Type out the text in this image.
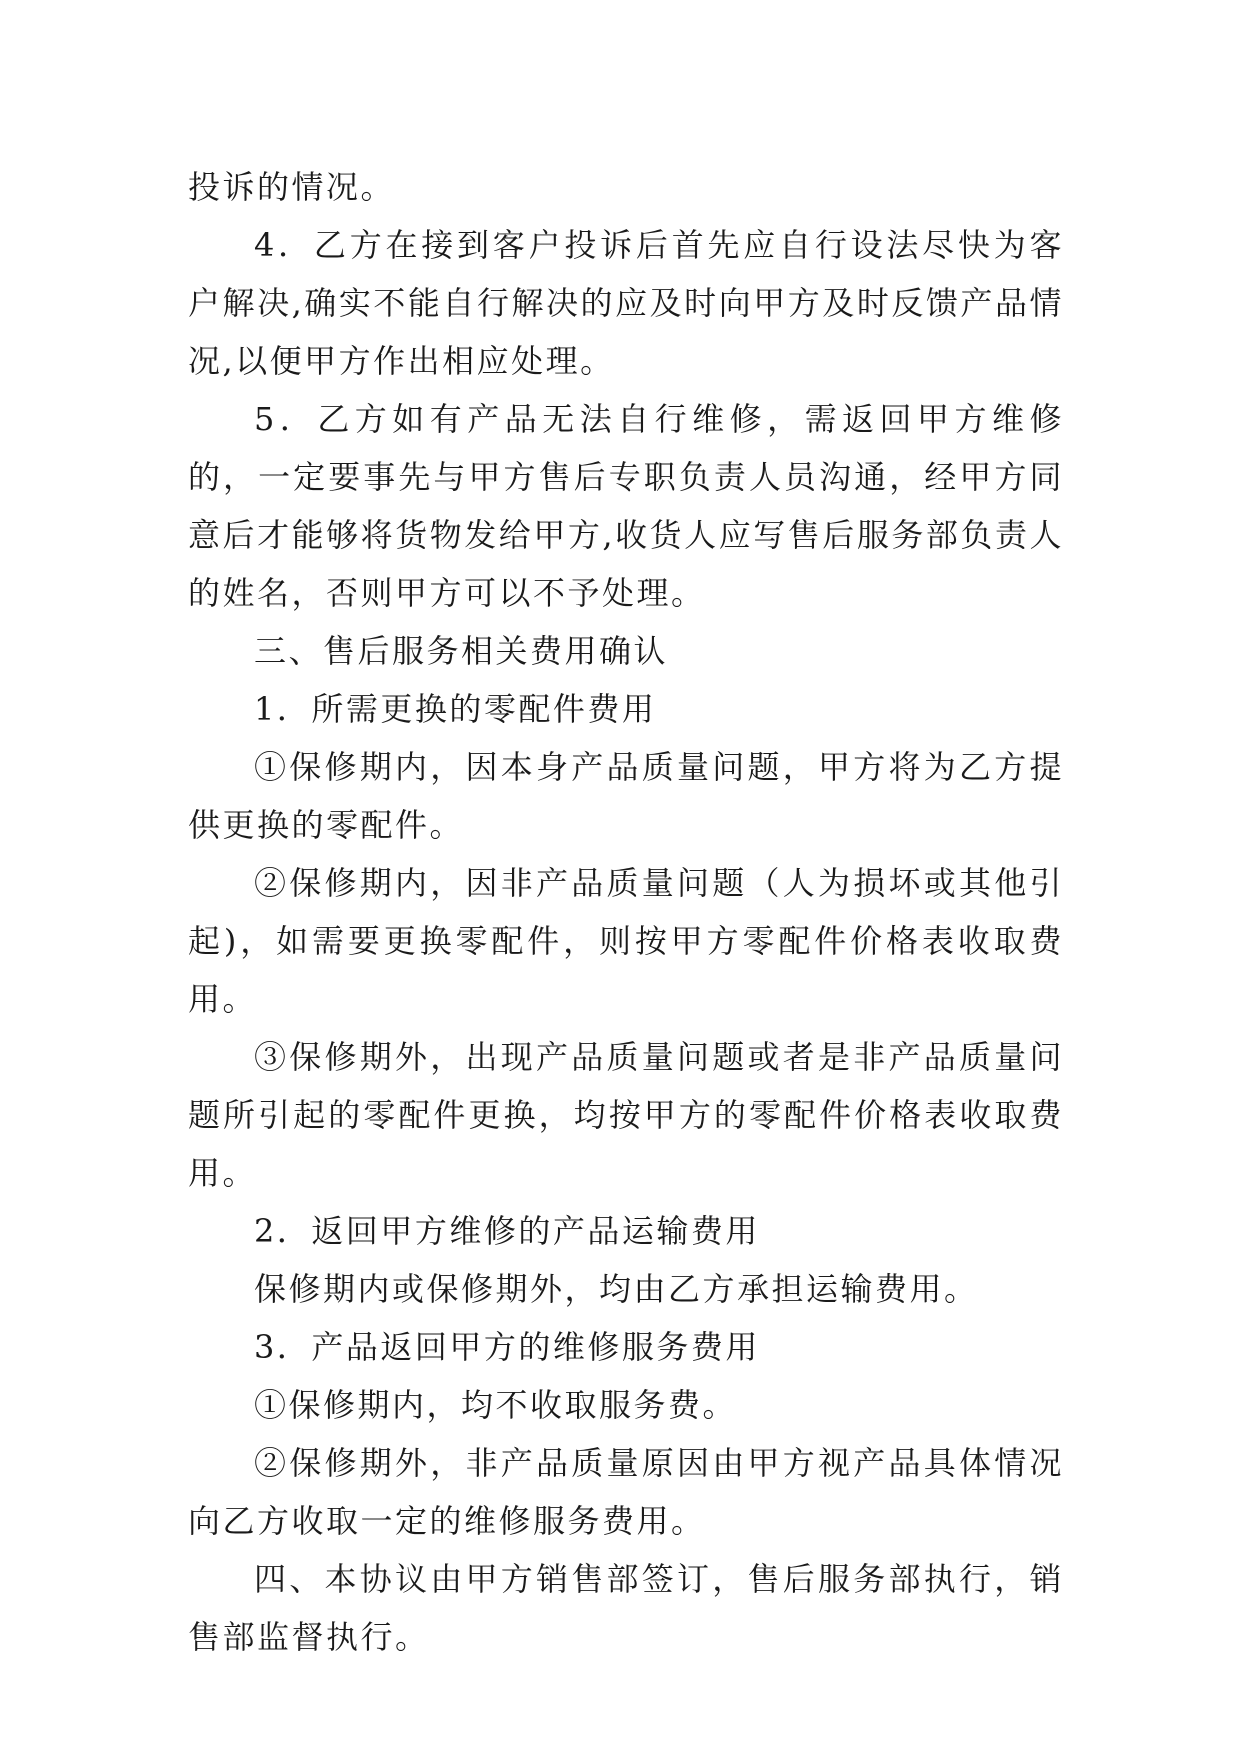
投诉的情况。

4．乙方在接到客户投诉后首先应自行设法尽快为客户解决,确实不能自行解决的应及时向甲方及时反馈产品情况,以便甲方作出相应处理。

5．乙方如有产品无法自行维修，需返回甲方维修的，一定要事先与甲方售后专职负责人员沟通，经甲方同意后才能够将货物发给甲方,收货人应写售后服务部负责人的姓名，否则甲方可以不予处理。

三、售后服务相关费用确认

1．所需更换的零配件费用

①保修期内，因本身产品质量问题，甲方将为乙方提供更换的零配件。

②保修期内，因非产品质量问题（人为损坏或其他引起)，如需要更换零配件，则按甲方零配件价格表收取费用。

③保修期外，出现产品质量问题或者是非产品质量问题所引起的零配件更换，均按甲方的零配件价格表收取费用。

2．返回甲方维修的产品运输费用

保修期内或保修期外，均由乙方承担运输费用。

3．产品返回甲方的维修服务费用

①保修期内，均不收取服务费。

②保修期外，非产品质量原因由甲方视产品具体情况向乙方收取一定的维修服务费用。

四、本协议由甲方销售部签订，售后服务部执行，销售部监督执行。
